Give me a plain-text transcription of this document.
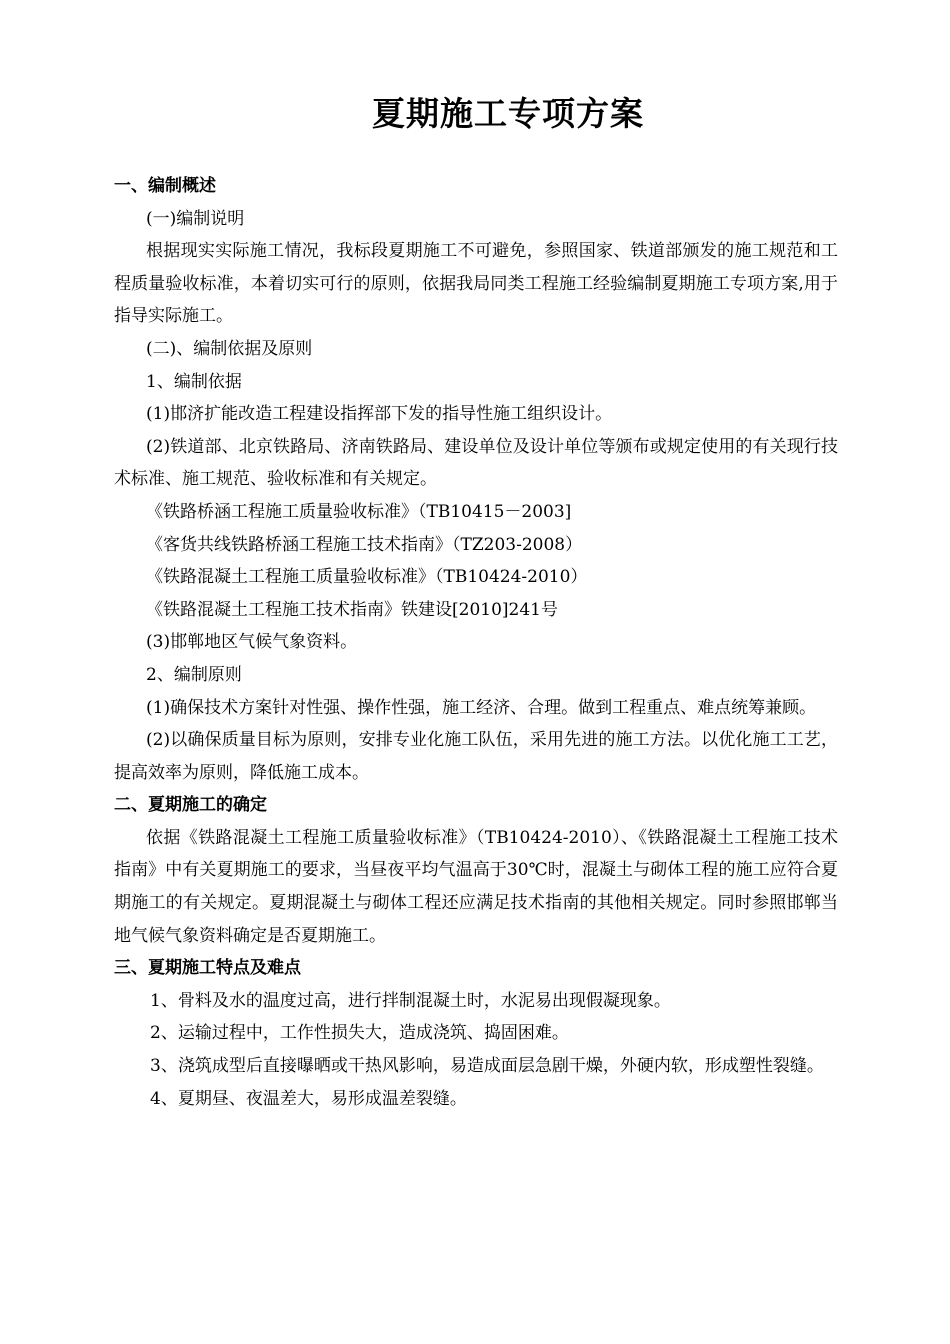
夏期施工专项方案

一、编制概述

(一)编制说明

根据现实实际施工情况，我标段夏期施工不可避免，参照国家、铁道部颁发的施工规范和工程质量验收标准，本着切实可行的原则，依据我局同类工程施工经验编制夏期施工专项方案,用于指导实际施工。

(二)、编制依据及原则

1、编制依据

(1)邯济扩能改造工程建设指挥部下发的指导性施工组织设计。

(2)铁道部、北京铁路局、济南铁路局、建设单位及设计单位等颁布或规定使用的有关现行技术标准、施工规范、验收标准和有关规定。

《铁路桥涵工程施工质量验收标准》（TB10415－2003]

《客货共线铁路桥涵工程施工技术指南》（TZ203-2008）

《铁路混凝土工程施工质量验收标准》（TB10424-2010）

《铁路混凝土工程施工技术指南》铁建设[2010]241号

(3)邯郸地区气候气象资料。

2、编制原则

(1)确保技术方案针对性强、操作性强，施工经济、合理。做到工程重点、难点统筹兼顾。

(2)以确保质量目标为原则，安排专业化施工队伍，采用先进的施工方法。以优化施工工艺，提高效率为原则，降低施工成本。

二、夏期施工的确定

依据《铁路混凝土工程施工质量验收标准》（TB10424-2010）、《铁路混凝土工程施工技术指南》中有关夏期施工的要求，当昼夜平均气温高于30℃时，混凝土与砌体工程的施工应符合夏期施工的有关规定。夏期混凝土与砌体工程还应满足技术指南的其他相关规定。同时参照邯郸当地气候气象资料确定是否夏期施工。

三、夏期施工特点及难点

1、骨料及水的温度过高，进行拌制混凝土时，水泥易出现假凝现象。

2、运输过程中，工作性损失大，造成浇筑、捣固困难。

3、浇筑成型后直接曝晒或干热风影响，易造成面层急剧干燥，外硬内软，形成塑性裂缝。

4、夏期昼、夜温差大，易形成温差裂缝。
